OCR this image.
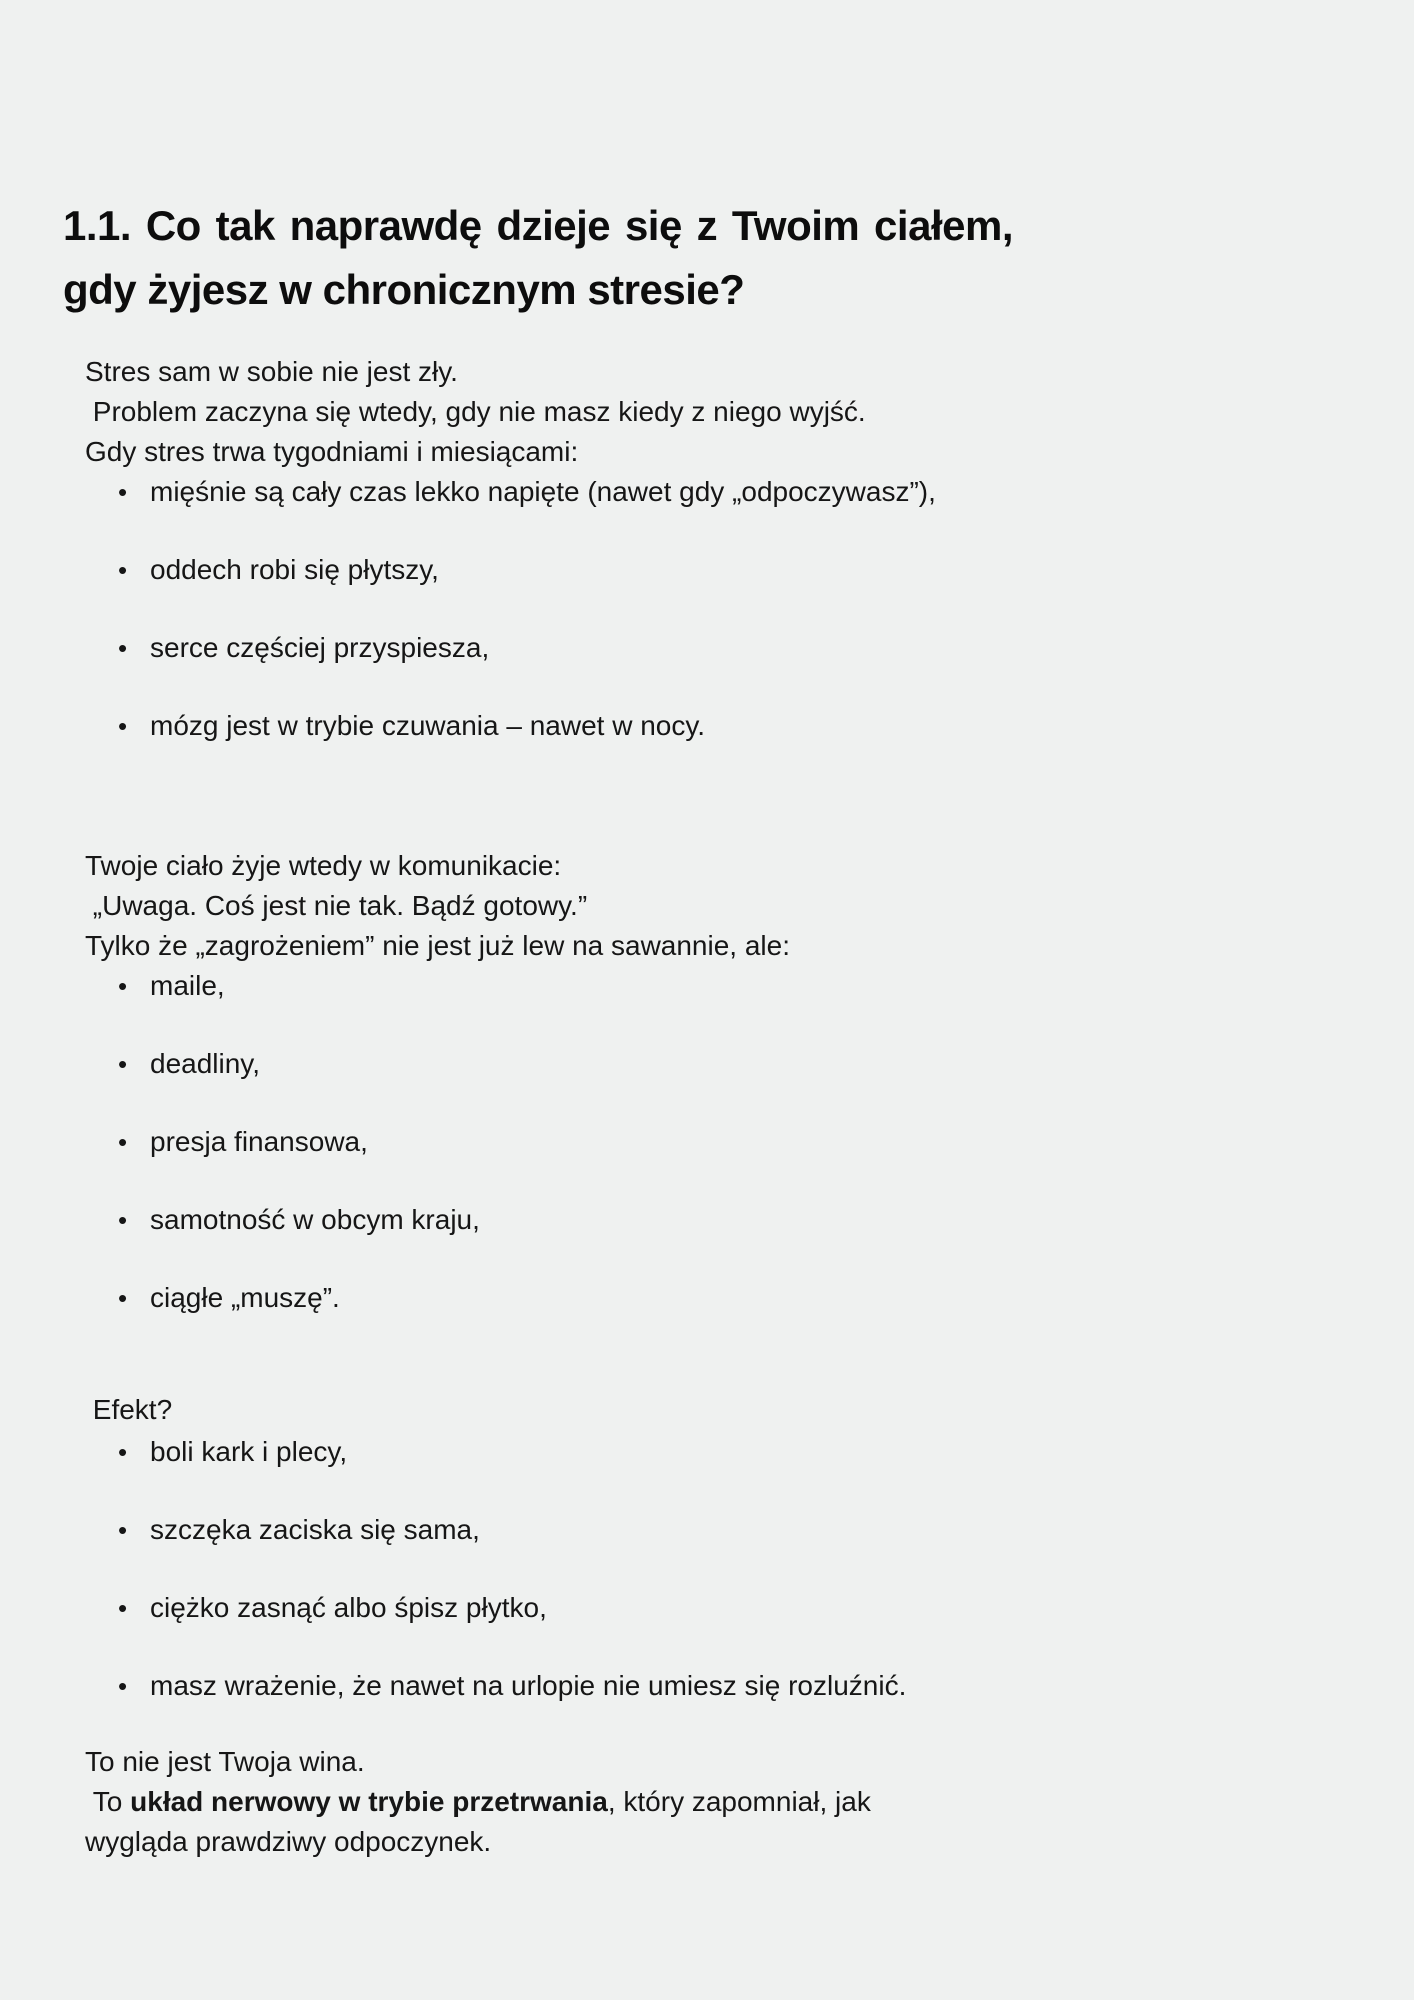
1.1. Co tak naprawdę dzieje się z Twoim ciałem,
gdy żyjesz w chronicznym stresie?
Stres sam w sobie nie jest zły.
Problem zaczyna się wtedy, gdy nie masz kiedy z niego wyjść.
Gdy stres trwa tygodniami i miesiącami:
• mięśnie są cały czas lekko napięte (nawet gdy „odpoczywasz”),
• oddech robi się płytszy,
• serce częściej przyspiesza,
• mózg jest w trybie czuwania – nawet w nocy.
Twoje ciało żyje wtedy w komunikacie:
„Uwaga. Coś jest nie tak. Bądź gotowy.”
Tylko że „zagrożeniem” nie jest już lew na sawannie, ale:
• maile,
• deadliny,
• presja finansowa,
• samotność w obcym kraju,
• ciągłe „muszę”.
Efekt?
• boli kark i plecy,
• szczęka zaciska się sama,
• ciężko zasnąć albo śpisz płytko,
• masz wrażenie, że nawet na urlopie nie umiesz się rozluźnić.
To nie jest Twoja wina.
To układ nerwowy w trybie przetrwania, który zapomniał, jak
wygląda prawdziwy odpoczynek.
